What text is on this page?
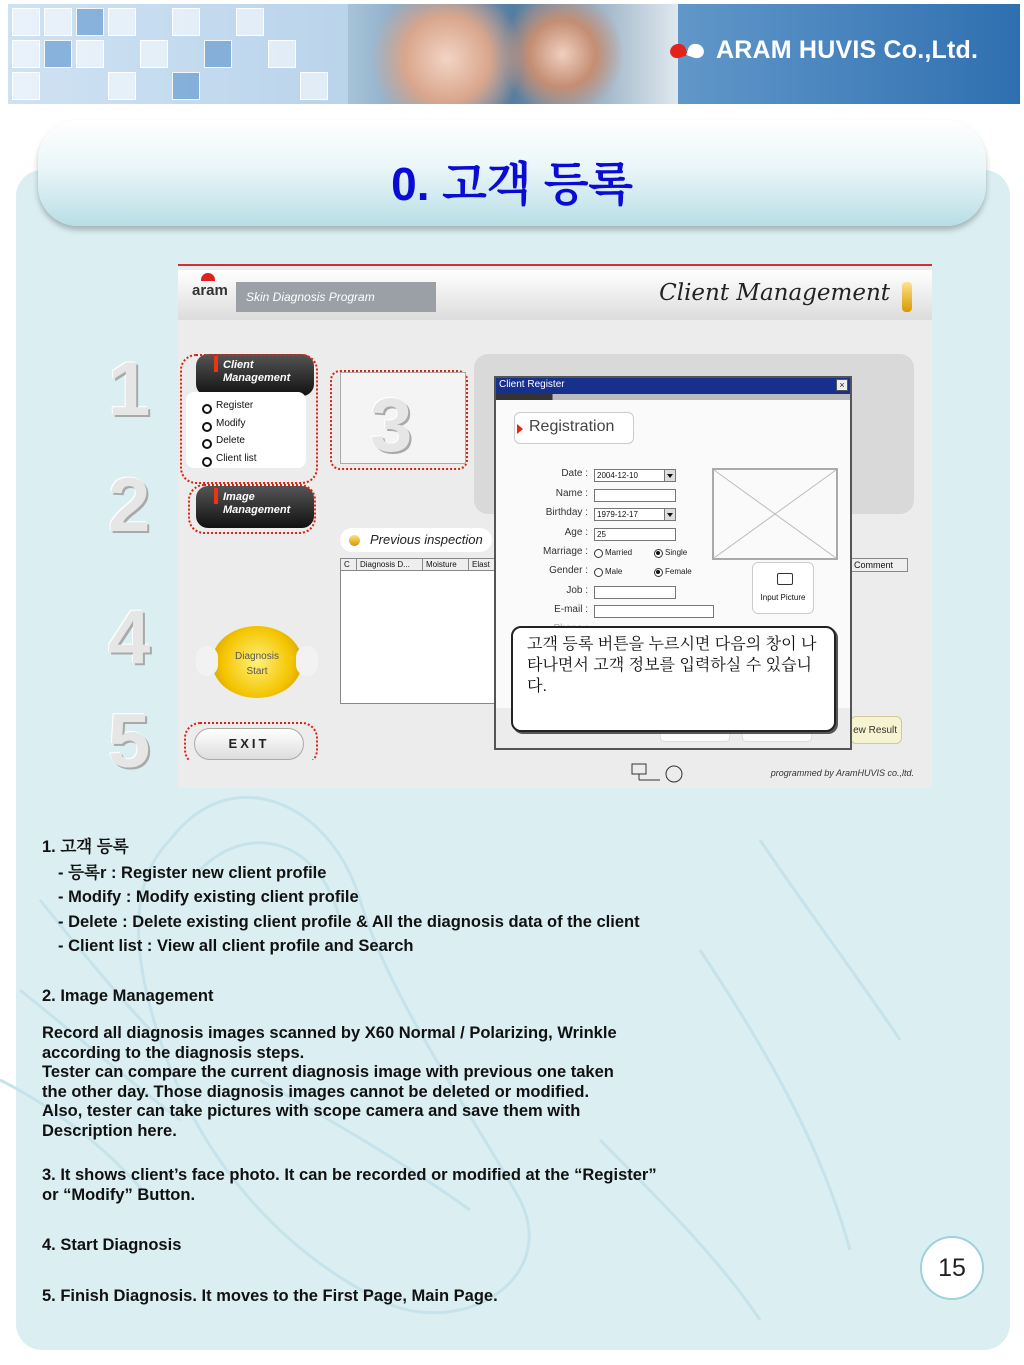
ARAM HUVIS Co.,Ltd.
0. 고객 등록
aram Skin Diagnosis Program	Client Management
Client Management
Register
Modify
Delete
Client list
Image Management
1
2
3
4
5
Previous inspection
C	Diagnosis D...	Moisture	Elast	Comment
Diagnosis
Start
EXIT
ew Result
Client Register	×
Registration
Date :	2004-12-10
Name :
Birthday :	1979-12-17
Age :	25
Marriage :	Married	Single
Gender :	Male	Female
Job :
E-mail :
Input Picture
programmed by AramHUVIS co.,ltd.
고객 등록 버튼을 누르시면 다음의 창이 나타나면서 고객 정보를 입력하실 수 있습니다.

1. 고객 등록

- 등록r : Register new client profile

- Modify : Modify existing client profile

- Delete : Delete existing client profile & All the diagnosis data of the client

- Client list : View all client profile and Search

2. Image Management

Record all diagnosis images scanned by X60 Normal / Polarizing, Wrinkle
according to the diagnosis steps.
Tester can compare the current diagnosis image with previous one taken
the other day. Those diagnosis images cannot be deleted or modified.
Also, tester can take pictures with scope camera and save them with
Description here.

3. It shows client’s face photo. It can be recorded or modified at the “Register”
or “Modify” Button.

4. Start Diagnosis

5. Finish Diagnosis. It moves to the First Page, Main Page.

15
